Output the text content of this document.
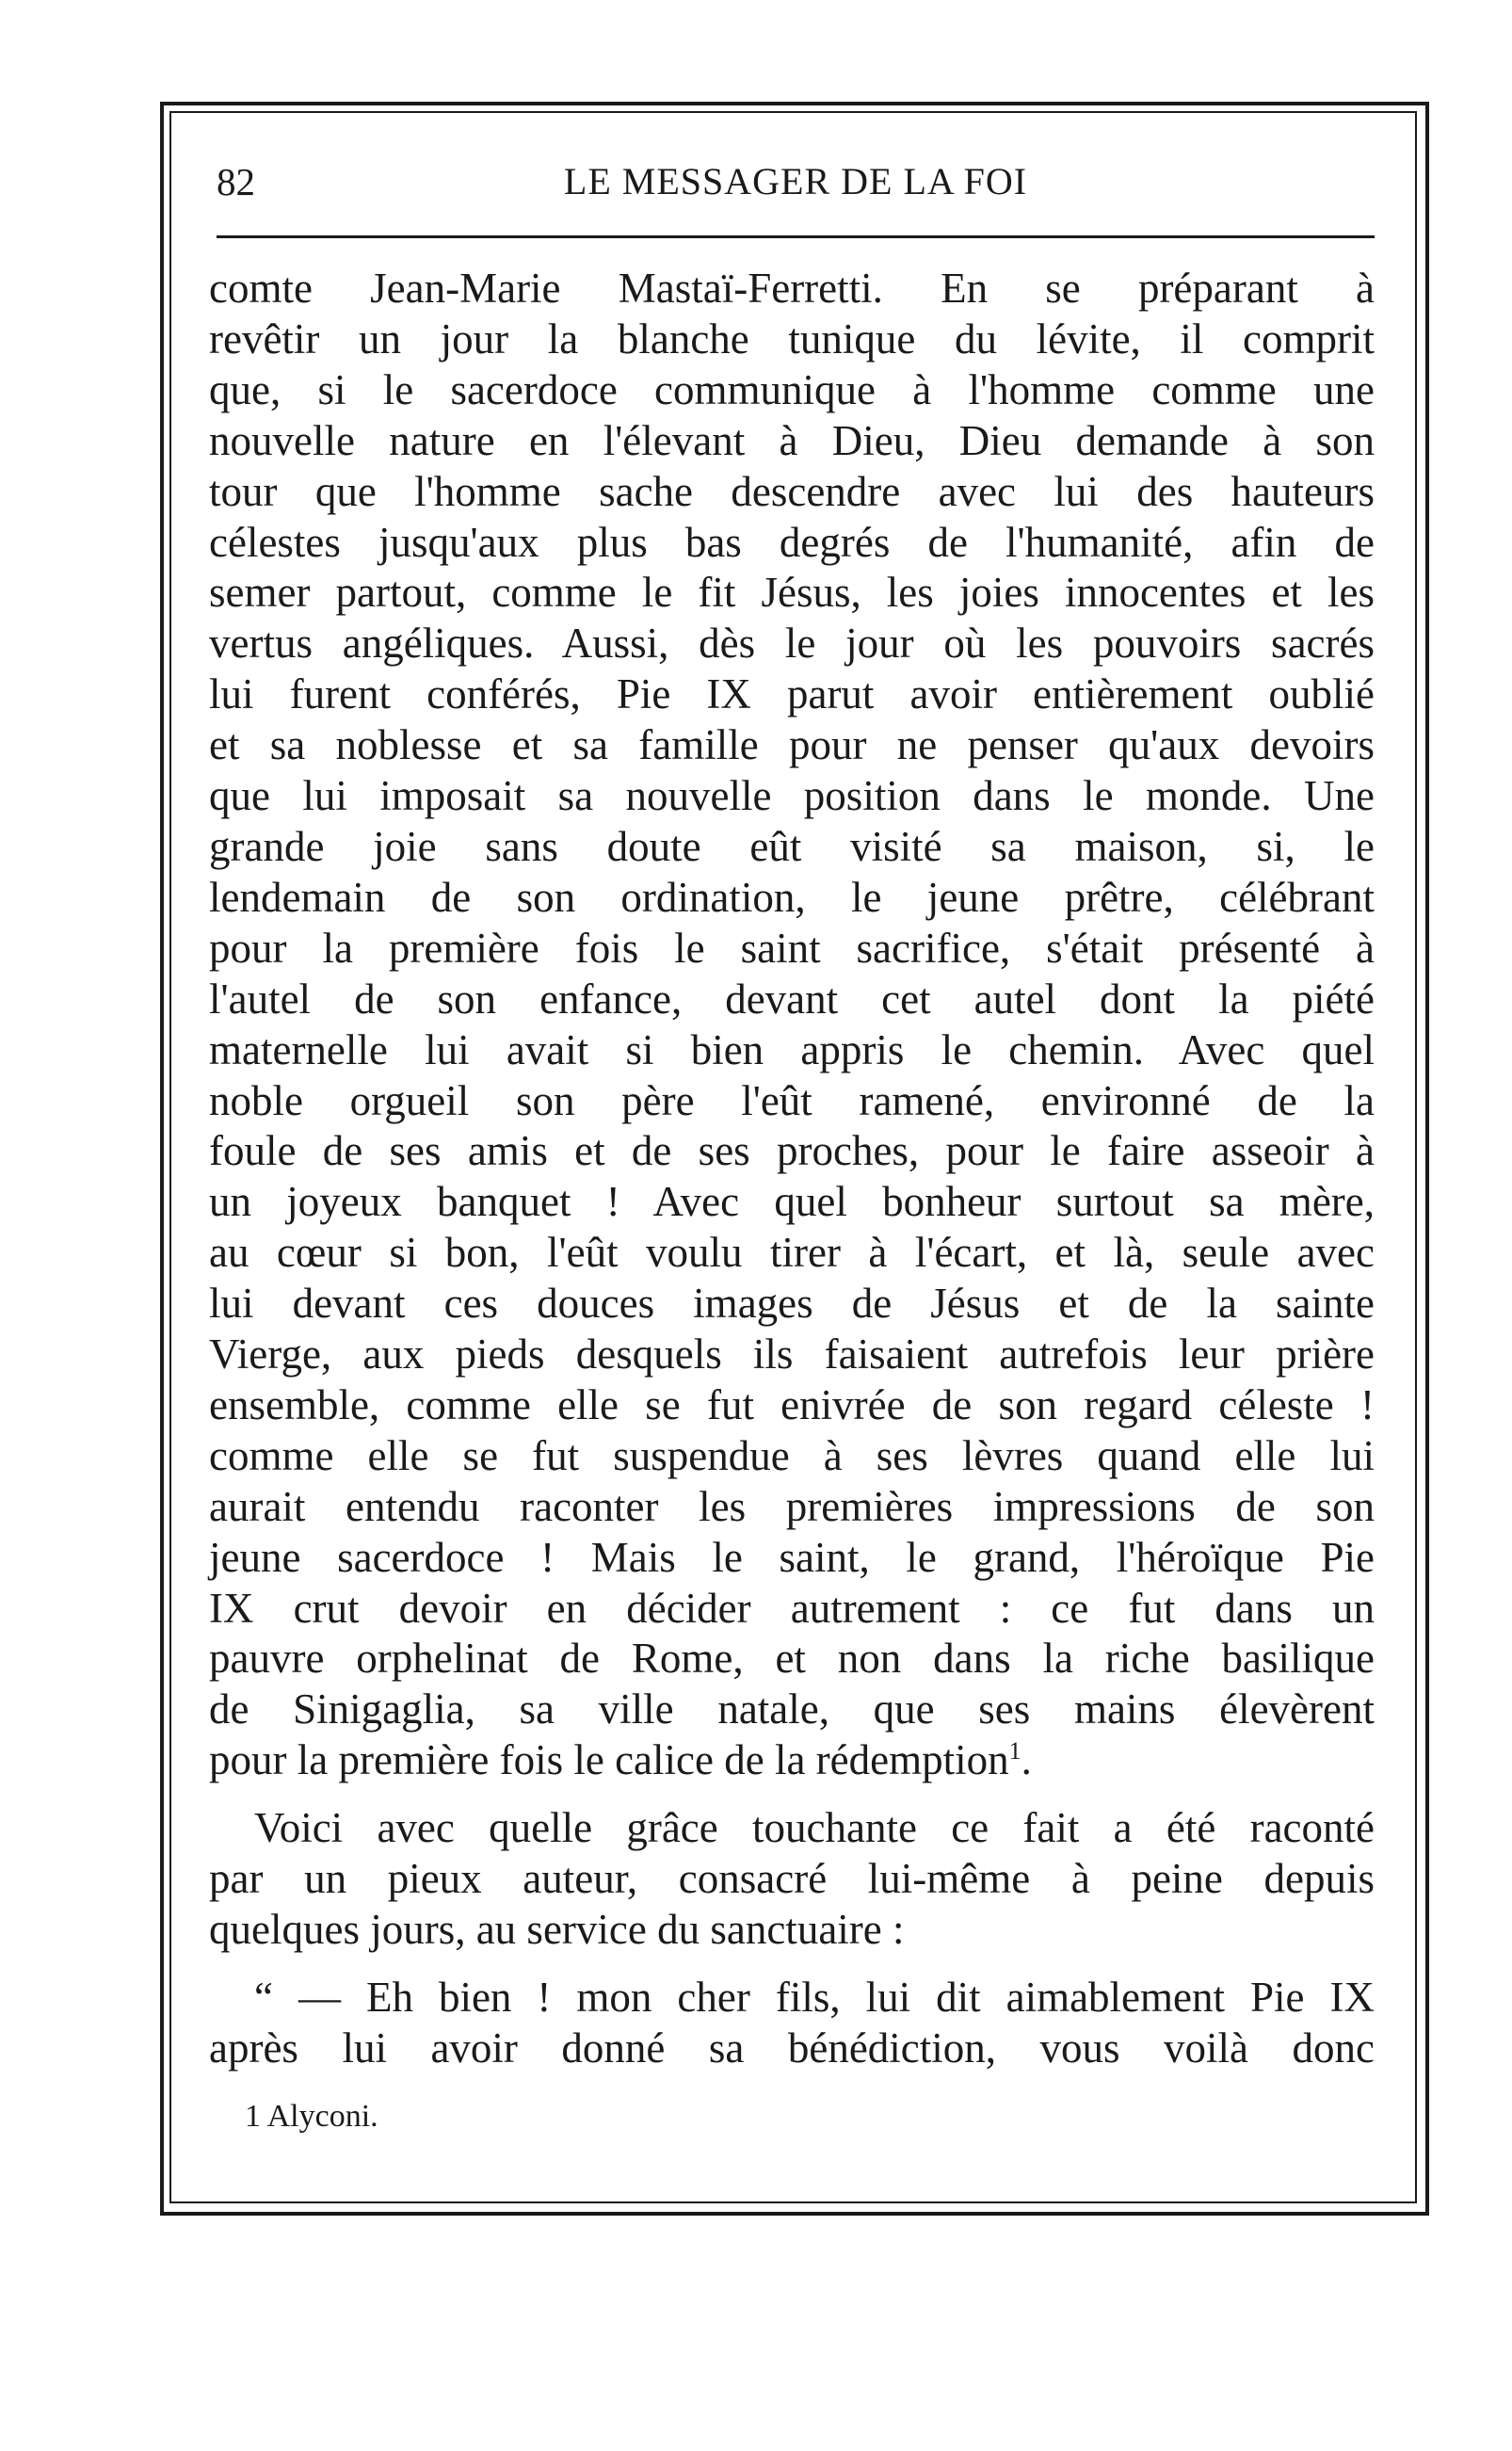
82	LE MESSAGER DE LA FOI
comte Jean-Marie Mastaï-Ferretti. En se préparant à
revêtir un jour la blanche tunique du lévite, il comprit
que, si le sacerdoce communique à l'homme comme une
nouvelle nature en l'élevant à Dieu, Dieu demande à son
tour que l'homme sache descendre avec lui des hauteurs
célestes jusqu'aux plus bas degrés de l'humanité, afin de
semer partout, comme le fit Jésus, les joies innocentes et les
vertus angéliques. Aussi, dès le jour où les pouvoirs sacrés
lui furent conférés, Pie IX parut avoir entièrement oublié
et sa noblesse et sa famille pour ne penser qu'aux devoirs
que lui imposait sa nouvelle position dans le monde. Une
grande joie sans doute eût visité sa maison, si, le
lendemain de son ordination, le jeune prêtre, célébrant
pour la première fois le saint sacrifice, s'était présenté à
l'autel de son enfance, devant cet autel dont la piété
maternelle lui avait si bien appris le chemin. Avec quel
noble orgueil son père l'eût ramené, environné de la
foule de ses amis et de ses proches, pour le faire asseoir à
un joyeux banquet ! Avec quel bonheur surtout sa mère,
au cœur si bon, l'eût voulu tirer à l'écart, et là, seule avec
lui devant ces douces images de Jésus et de la sainte
Vierge, aux pieds desquels ils faisaient autrefois leur prière
ensemble, comme elle se fut enivrée de son regard céleste !
comme elle se fut suspendue à ses lèvres quand elle lui
aurait entendu raconter les premières impressions de son
jeune sacerdoce ! Mais le saint, le grand, l'héroïque Pie
IX crut devoir en décider autrement : ce fut dans un
pauvre orphelinat de Rome, et non dans la riche basilique
de Sinigaglia, sa ville natale, que ses mains élevèrent
pour la première fois le calice de la rédemption$^1$.
Voici avec quelle grâce touchante ce fait a été raconté
par un pieux auteur, consacré lui-même à peine depuis
quelques jours, au service du sanctuaire :
“ — Eh bien ! mon cher fils, lui dit aimablement Pie IX
après lui avoir donné sa bénédiction, vous voilà donc
1 Alyconi.
